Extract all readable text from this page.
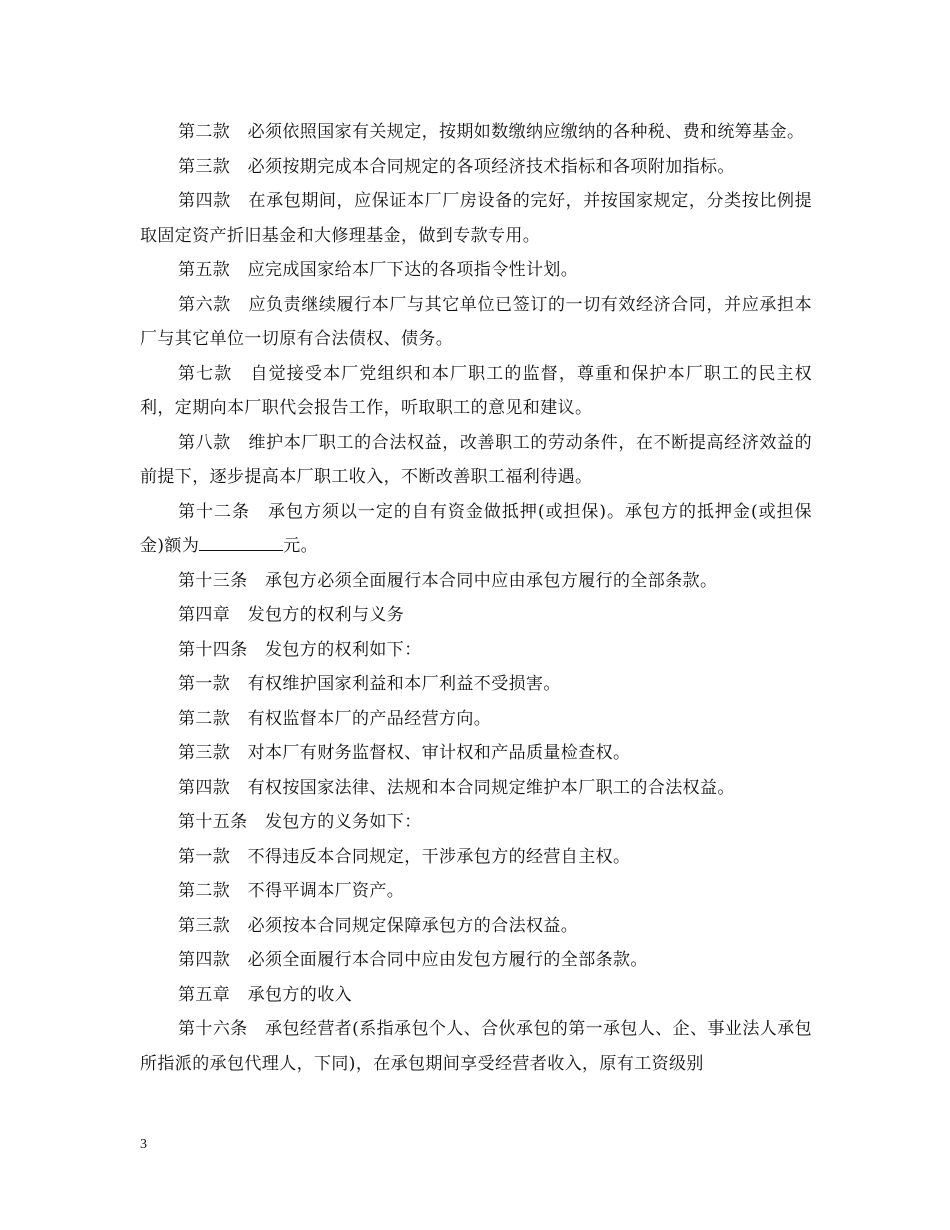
第二款　必须依照国家有关规定，按期如数缴纳应缴纳的各种税、费和统筹基金。

第三款　必须按期完成本合同规定的各项经济技术指标和各项附加指标。

第四款　在承包期间，应保证本厂厂房设备的完好，并按国家规定，分类按比例提取固定资产折旧基金和大修理基金，做到专款专用。

第五款　应完成国家给本厂下达的各项指令性计划。

第六款　应负责继续履行本厂与其它单位已签订的一切有效经济合同，并应承担本厂与其它单位一切原有合法债权、债务。

第七款　自觉接受本厂党组织和本厂职工的监督，尊重和保护本厂职工的民主权利，定期向本厂职代会报告工作，听取职工的意见和建议。

第八款　维护本厂职工的合法权益，改善职工的劳动条件，在不断提高经济效益的前提下，逐步提高本厂职工收入，不断改善职工福利待遇。

第十二条　承包方须以一定的自有资金做抵押(或担保)。承包方的抵押金(或担保金)额为	元。

第十三条　承包方必须全面履行本合同中应由承包方履行的全部条款。

第四章　发包方的权利与义务

第十四条　发包方的权利如下：

第一款　有权维护国家利益和本厂利益不受损害。

第二款　有权监督本厂的产品经营方向。

第三款　对本厂有财务监督权、审计权和产品质量检查权。

第四款　有权按国家法律、法规和本合同规定维护本厂职工的合法权益。

第十五条　发包方的义务如下：

第一款　不得违反本合同规定，干涉承包方的经营自主权。

第二款　不得平调本厂资产。

第三款　必须按本合同规定保障承包方的合法权益。

第四款　必须全面履行本合同中应由发包方履行的全部条款。

第五章　承包方的收入

第十六条　承包经营者(系指承包个人、合伙承包的第一承包人、企、事业法人承包所指派的承包代理人，下同)，在承包期间享受经营者收入，原有工资级别

3
